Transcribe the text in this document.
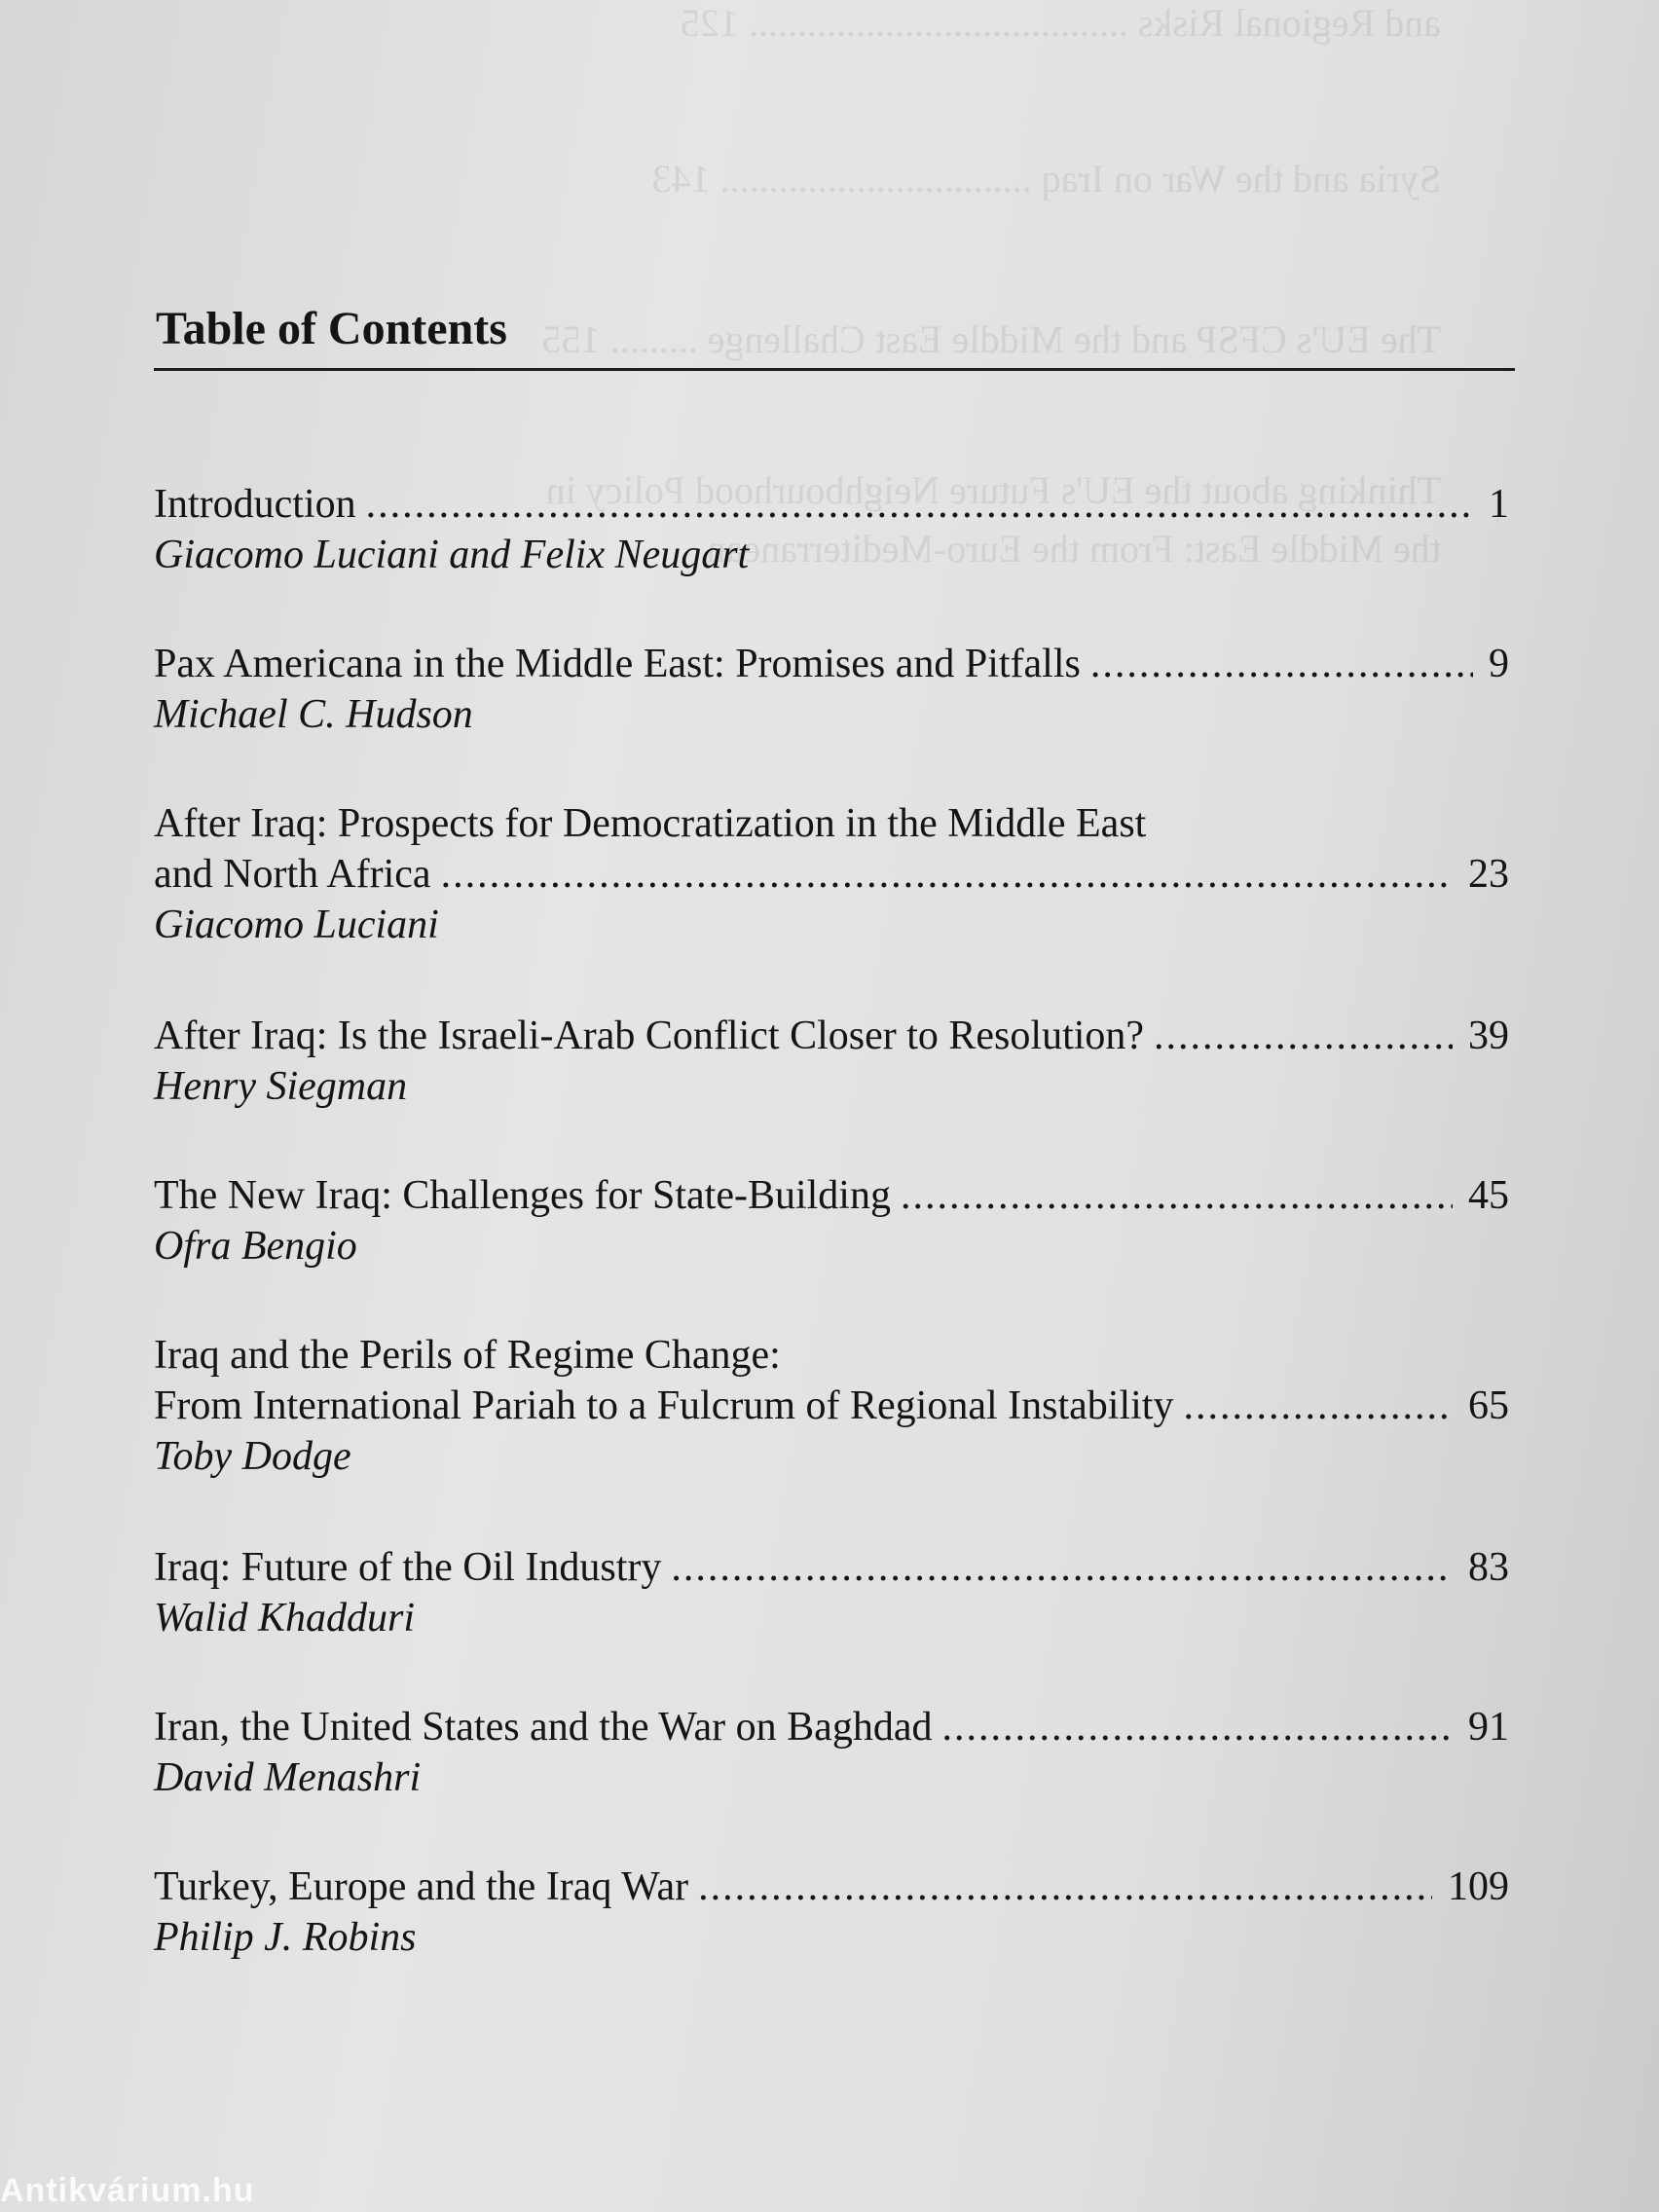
and Regional Risks ....................................... 125
Syria and the War on Iraq ................................ 143
The EU's CFSP and the Middle East Challenge ......... 155
Thinking about the EU's Future Neighbourhood Policy in
the Middle East: From the Euro-Mediterranean
Table of Contents
Introduction .....	1
Giacomo Luciani and Felix Neugart
Pax Americana in the Middle East: Promises and Pitfalls .....	9
Michael C. Hudson
After Iraq: Prospects for Democratization in the Middle East
and North Africa .....	23
Giacomo Luciani
After Iraq: Is the Israeli-Arab Conflict Closer to Resolution? .....	39
Henry Siegman
The New Iraq: Challenges for State-Building .....	45
Ofra Bengio
Iraq and the Perils of Regime Change:
From International Pariah to a Fulcrum of Regional Instability .....	65
Toby Dodge
Iraq: Future of the Oil Industry .....	83
Walid Khadduri
Iran, the United States and the War on Baghdad .....	91
David Menashri
Turkey, Europe and the Iraq War .....	109
Philip J. Robins
Antikvárium.hu
